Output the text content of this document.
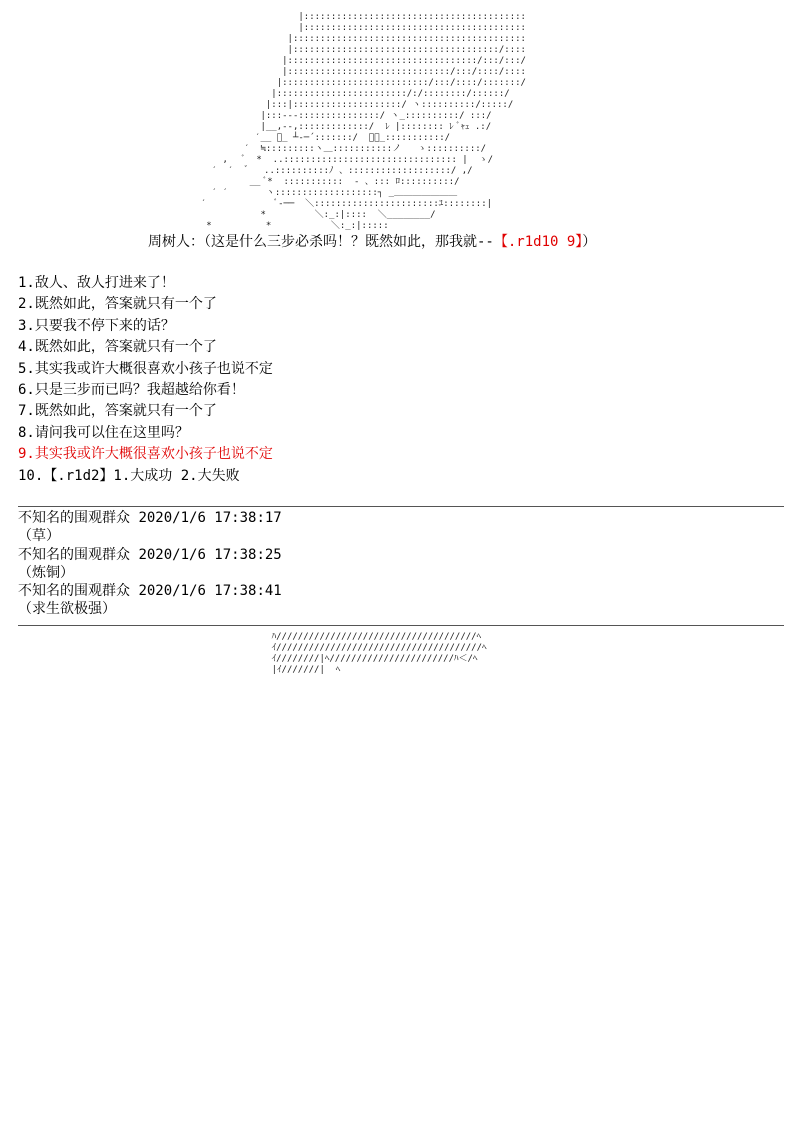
|:::::::::::::::::::::::::::::::::::::::::
|:::::::::::::::::::::::::::::::::::::::::
|:::::::::::::::::::::::::::::::::::::::::::
|::::::::::::::::::::::::::::::::::::::/::::
|:::::::::::::::::::::::::::::::::::/:::/:::/
|::::::::::::::::::::::::::::::/:::/::::/::::
|:::::::::::::::::::::::::::/:::/::::/:::::::/
|::::::::::::::::::::::::/:/::::::::/::::::/
|:::|::::::::::::::::::::/ ヽ::::::::::/:::::/
|:::-‐-:::::::::::::::/ ヽ_::::::::::/ :::/
|__,‐‐,:::::::::::::/  ﾚ |:::::::: ﾚ ﾞｬｪ .:/
′__ ﾞ_ ┴-─´:::::::/  ＿＿_:::::::::::/
′  ≒:::::::::ヽ＿:::::::::::ノ   ゝ::::::::::/
,   ﾞ  *  ..:::::::::::::::::::::::::::::::: |  ゝ/
′  ′  ゛  ..::::::::::ﾉ 、:::::::::::::::::::/ ,/
__ ﾞ*  :::::::::::  ‐ 、::: ﾛ::::::::::/
′ ′       ヽ:::::::::::::::::::┐ _＿＿＿＿＿＿＿
′             ﾞ‐──  ＼:::::::::::::::::::::::ﾕ::::::::|
*         ＼:_:|::::  ＼________/
*          *           ＼:_:|:::::

周树人：（这是什么三步必杀吗！？既然如此，那我就--【.r1d10 9】）
1.敌人、敌人打进来了！
2.既然如此，答案就只有一个了
3.只要我不停下来的话？
4.既然如此，答案就只有一个了
5.其实我或许大概很喜欢小孩子也说不定
6.只是三步而已吗？我超越给你看！
7.既然如此，答案就只有一个了
8.请问我可以住在这里吗？
9.其实我或许大概很喜欢小孩子也说不定
10.【.r1d2】1.大成功 2.大失败
不知名的围观群众 2020/1/6 17:38:17
（草）
不知名的围观群众 2020/1/6 17:38:25
（炼铜）
不知名的围观群众 2020/1/6 17:38:41
（求生欲极强）
ﾊ/////////////////////////////////////ﾍ
ｲ//////////////////////////////////////ﾍ
ｲ////////|ﾍ///////////////////////ﾊ＜/ﾍ
|ｲ///////|  ﾍ
